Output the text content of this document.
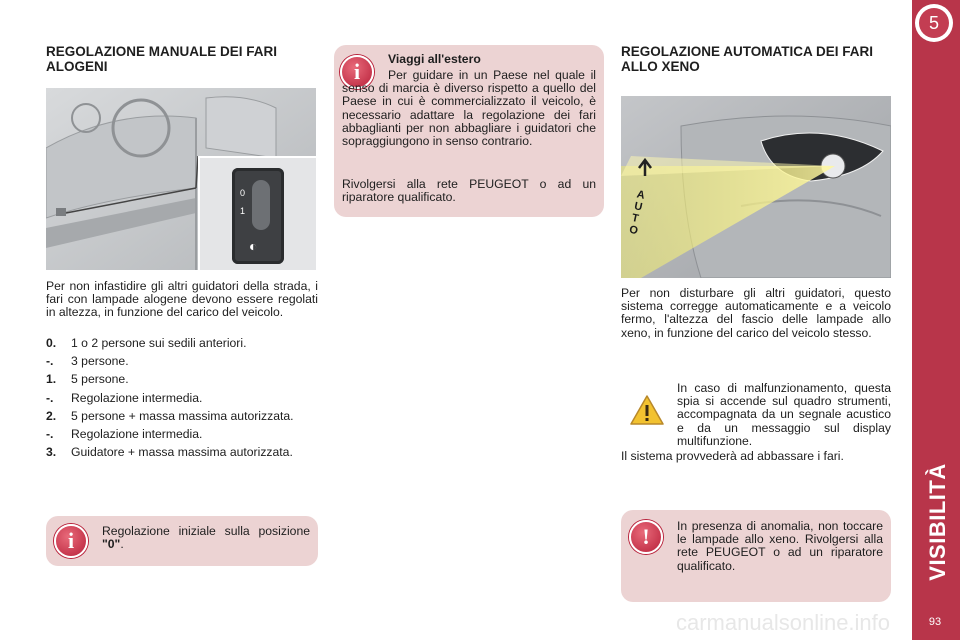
5
VISIBILITÀ
93
REGOLAZIONE MANUALE DEI FARI ALOGENI
0
1
◐
Per non infastidire gli altri guidatori della strada, i fari con lampade alogene devono essere regolati in altezza, in funzione del carico del veicolo.
0.	1 o 2 persone sui sedili anteriori.
-.	3 persone.
1.	5 persone.
-.	Regolazione intermedia.
2.	5 persone + massa massima autorizzata.
-.	Regolazione intermedia.
3.	Guidatore + massa massima autorizzata.
i	Regolazione iniziale sulla posizione "0".
i	Viaggi all'estero
Per guidare in un Paese nel quale il senso di marcia è diverso rispetto a quello del Paese in cui è commercializzato il veicolo, è necessario adattare la regolazione dei fari abbaglianti per non abbagliare i guidatori che sopraggiungono in senso contrario.
Rivolgersi alla rete PEUGEOT o ad un riparatore qualificato.
REGOLAZIONE AUTOMATICA DEI FARI ALLO XENO
AUTO
Per non disturbare gli altri guidatori, questo sistema corregge automaticamente e a veicolo fermo, l'altezza del fascio delle lampade allo xeno, in funzione del carico del veicolo stesso.
In caso di malfunzionamento, questa spia si accende sul quadro strumenti, accompagnata da un segnale acustico e da un messaggio sul display multifunzione.
Il sistema provvederà ad abbassare i fari.
!	In presenza di anomalia, non toccare le lampade allo xeno. Rivolgersi alla rete PEUGEOT o ad un riparatore qualificato.
carmanualsonline.info
